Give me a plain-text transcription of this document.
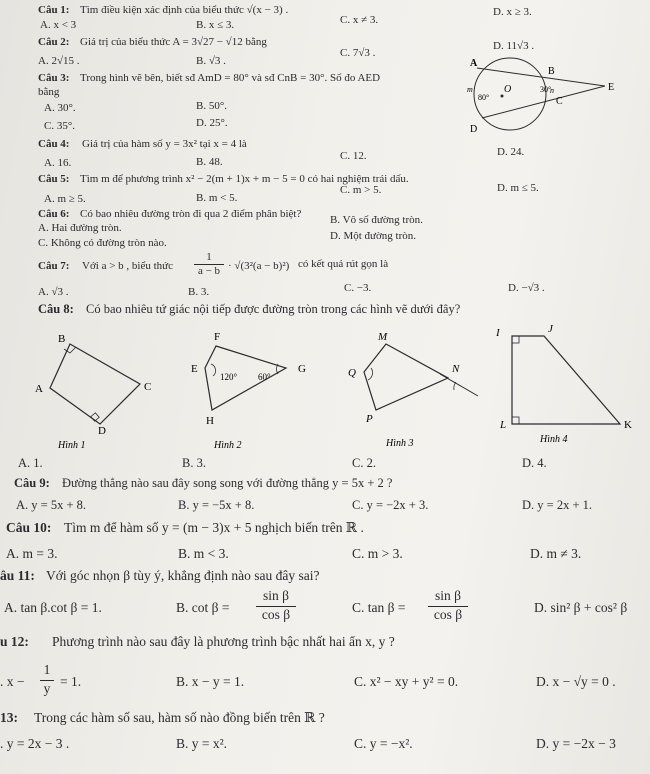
Câu 1: Tìm điều kiện xác định của biểu thức √(x − 3) .
A. x < 3	B. x ≤ 3.	C. x ≠ 3.
D. x ≥ 3.
Câu 2: Giá trị của biểu thức A = 3√27 − √12 bằng
A. 2√15 .	B. √3 .
C. 7√3 .
D. 11√3 .
Câu 3: Trong hình vẽ bên, biết sđ AmD = 80° và sđ CnB = 30°. Số đo AED
bằng
A. 30°.	B. 50°.
C. 35°.	D. 25°.
A
B
C
D
E
O
m	n
80°
30°
Câu 4: Giá trị của hàm số y = 3x² tại x = 4 là
A. 16.	B. 48.	C. 12.	D. 24.
Câu 5: Tìm m để phương trình x² − 2(m + 1)x + m − 5 = 0 có hai nghiệm trái dấu.
A. m ≥ 5.	B. m < 5.
C. m > 5.	D. m ≤ 5.
Câu 6: Có bao nhiêu đường tròn đi qua 2 điểm phân biệt?
A. Hai đường tròn.
B. Vô số đường tròn.
C. Không có đường tròn nào.
D. Một đường tròn.
Câu 7: Với a > b , biểu thức
1
a − b · √(3²(a − b)²) có kết quả rút gọn là
A. √3 .	B. 3.	C. −3.	D. −√3 .
Câu 8: Có bao nhiêu tứ giác nội tiếp được đường tròn trong các hình vẽ dưới đây?
B
A	C
D
Hình 1
F
E	G
H
120° 60°
Hình 2
M
N
P
Q
Hình 3
I	J
K
L
Hình 4
A. 1.	B. 3.	C. 2.	D. 4.
Câu 9: Đường thẳng nào sau đây song song với đường thẳng y = 5x + 2 ?
A. y = 5x + 8.	B. y = −5x + 8.	C. y = −2x + 3.	D. y = 2x + 1.
Câu 10: Tìm m để hàm số y = (m − 3)x + 5 nghịch biến trên ℝ .
A. m = 3.	B. m < 3.	C. m > 3.	D. m ≠ 3.
âu 11: Với góc nhọn β tùy ý, khẳng định nào sau đây sai?
A. tan β.cot β = 1.	B. cot β =
sin β
cos β	C. tan β =
sin β
cos β	D. sin² β + cos² β
u 12: Phương trình nào sau đây là phương trình bậc nhất hai ẩn x, y ?
. x −
1
y = 1.	B. x − y = 1.	C. x² − xy + y² = 0.	D. x − √y = 0 .
13: Trong các hàm số sau, hàm số nào đồng biến trên ℝ ?
. y = 2x − 3 .	B. y = x².	C. y = −x².	D. y = −2x − 3
